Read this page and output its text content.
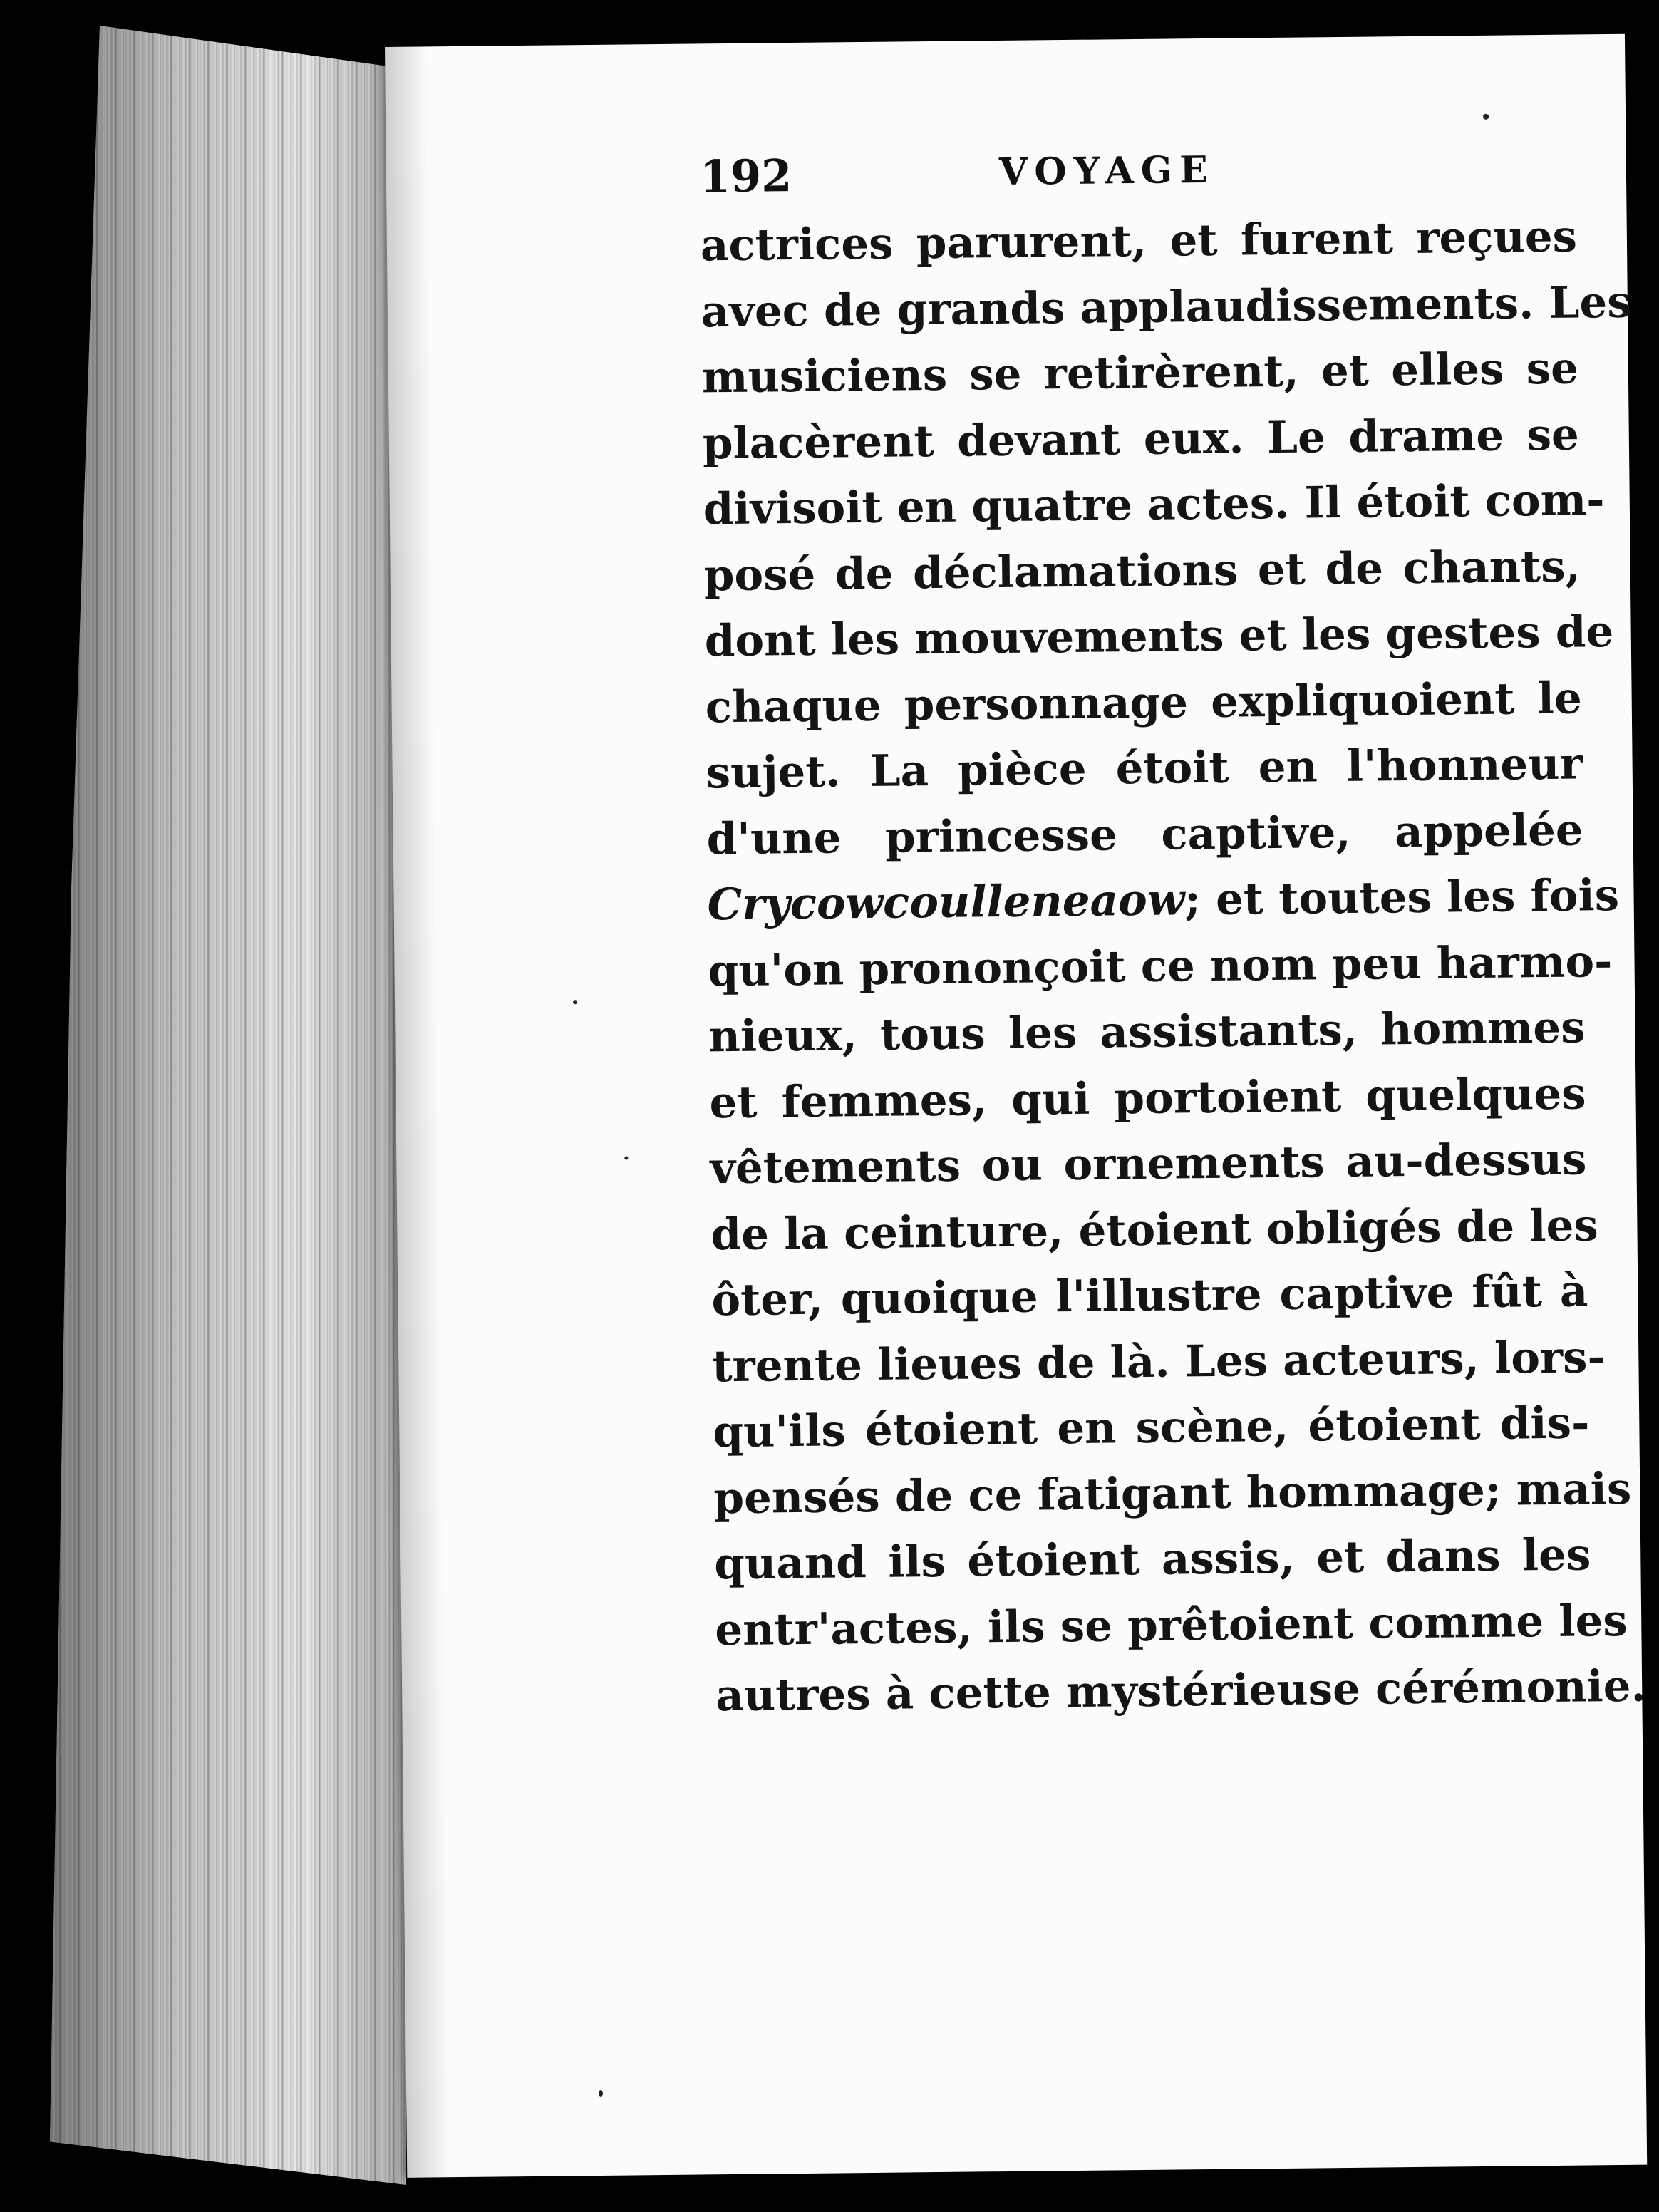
192	VOYAGE
actrices parurent, et furent reçues
avec de grands applaudissements. Les
musiciens se retirèrent, et elles se
placèrent devant eux. Le drame se
divisoit en quatre actes. Il étoit com-
posé de déclamations et de chants,
dont les mouvements et les gestes de
chaque personnage expliquoient le
sujet. La pièce étoit en l'honneur
d'une princesse captive, appelée
Crycowcoulleneaow; et toutes les fois
qu'on prononçoit ce nom peu harmo-
nieux, tous les assistants, hommes
et femmes, qui portoient quelques
vêtements ou ornements au-dessus
de la ceinture, étoient obligés de les
ôter, quoique l'illustre captive fût à
trente lieues de là. Les acteurs, lors-
qu'ils étoient en scène, étoient dis-
pensés de ce fatigant hommage; mais
quand ils étoient assis, et dans les
entr'actes, ils se prêtoient comme les
autres à cette mystérieuse cérémonie.
